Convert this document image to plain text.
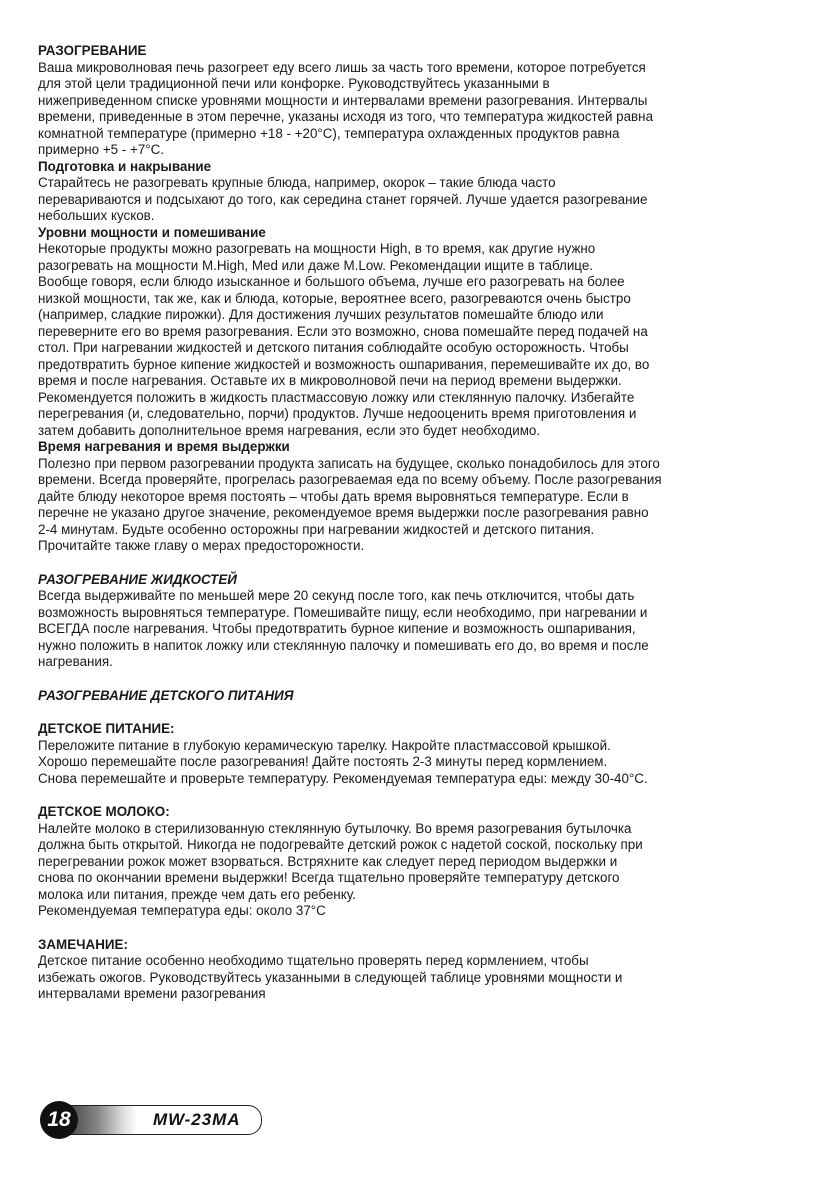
РАЗОГРЕВАНИЕ

Ваша микроволновая печь разогреет еду всего лишь за часть того времени, которое потребуется

для этой цели традиционной печи или конфорке. Руководствуйтесь указанными в

нижеприведенном списке уровнями мощности и интервалами времени разогревания. Интервалы

времени, приведенные в этом перечне, указаны исходя из того, что температура жидкостей равна

комнатной температуре (примерно +18 - +20°C), температура охлажденных продуктов равна

примерно +5 - +7°C.

Подготовка и накрывание

Старайтесь не разогревать крупные блюда, например, окорок – такие блюда часто

перевариваются и подсыхают до того, как середина станет горячей. Лучше удается разогревание

небольших кусков.

Уровни мощности и помешивание

Некоторые продукты можно разогревать на мощности High, в то время, как другие нужно

разогревать на мощности M.High, Med или даже M.Low. Рекомендации ищите в таблице.

Вообще говоря, если блюдо изысканное и большого объема, лучше его разогревать на более

низкой мощности, так же, как и блюда, которые, вероятнее всего, разогреваются очень быстро

(например, сладкие пирожки). Для достижения лучших результатов помешайте блюдо или

переверните его во время разогревания. Если это возможно, снова помешайте перед подачей на

стол. При нагревании жидкостей и детского питания соблюдайте особую осторожность. Чтобы

предотвратить бурное кипение жидкостей и возможность ошпаривания, перемешивайте их до, во

время и после нагревания. Оставьте их в микроволновой печи на период времени выдержки.

Рекомендуется положить в жидкость пластмассовую ложку или стеклянную палочку. Избегайте

перегревания (и, следовательно, порчи) продуктов. Лучше недооценить время приготовления и

затем добавить дополнительное время нагревания, если это будет необходимо.

Время нагревания и время выдержки

Полезно при первом разогревании продукта записать на будущее, сколько понадобилось для этого

времени. Всегда проверяйте, прогрелась разогреваемая еда по всему объему. После разогревания

дайте блюду некоторое время постоять – чтобы дать время выровняться температуре. Если в

перечне не указано другое значение, рекомендуемое время выдержки после разогревания равно

2-4 минутам. Будьте особенно осторожны при нагревании жидкостей и детского питания.

Прочитайте также главу о мерах предосторожности.

РАЗОГРЕВАНИЕ ЖИДКОСТЕЙ

Всегда выдерживайте по меньшей мере 20 секунд после того, как печь отключится, чтобы дать

возможность выровняться температуре. Помешивайте пищу, если необходимо, при нагревании и

ВСЕГДА после нагревания. Чтобы предотвратить бурное кипение и возможность ошпаривания,

нужно положить в напиток ложку или стеклянную палочку и помешивать его до, во время и после

нагревания.

РАЗОГРЕВАНИЕ ДЕТСКОГО ПИТАНИЯ

ДЕТСКОЕ ПИТАНИЕ:

Переложите питание в глубокую керамическую тарелку. Накройте пластмассовой крышкой.

Хорошо перемешайте после разогревания! Дайте постоять 2-3 минуты перед кормлением.

Снова перемешайте и проверьте температуру. Рекомендуемая температура еды: между 30-40°C.

ДЕТСКОЕ МОЛОКО:

Налейте молоко в стерилизованную стеклянную бутылочку. Во время разогревания бутылочка

должна быть открытой. Никогда не подогревайте детский рожок с надетой соской, поскольку при

перегревании рожок может взорваться. Встряхните как следует перед периодом выдержки и

снова по окончании времени выдержки! Всегда тщательно проверяйте температуру детского

молока или питания, прежде чем дать его ребенку.

Рекомендуемая температура еды: около 37°C

ЗАМЕЧАНИЕ:

Детское питание особенно необходимо тщательно проверять перед кормлением, чтобы

избежать ожогов. Руководствуйтесь указанными в следующей таблице уровнями мощности и

интервалами времени разогревания

MW-23MA
18
